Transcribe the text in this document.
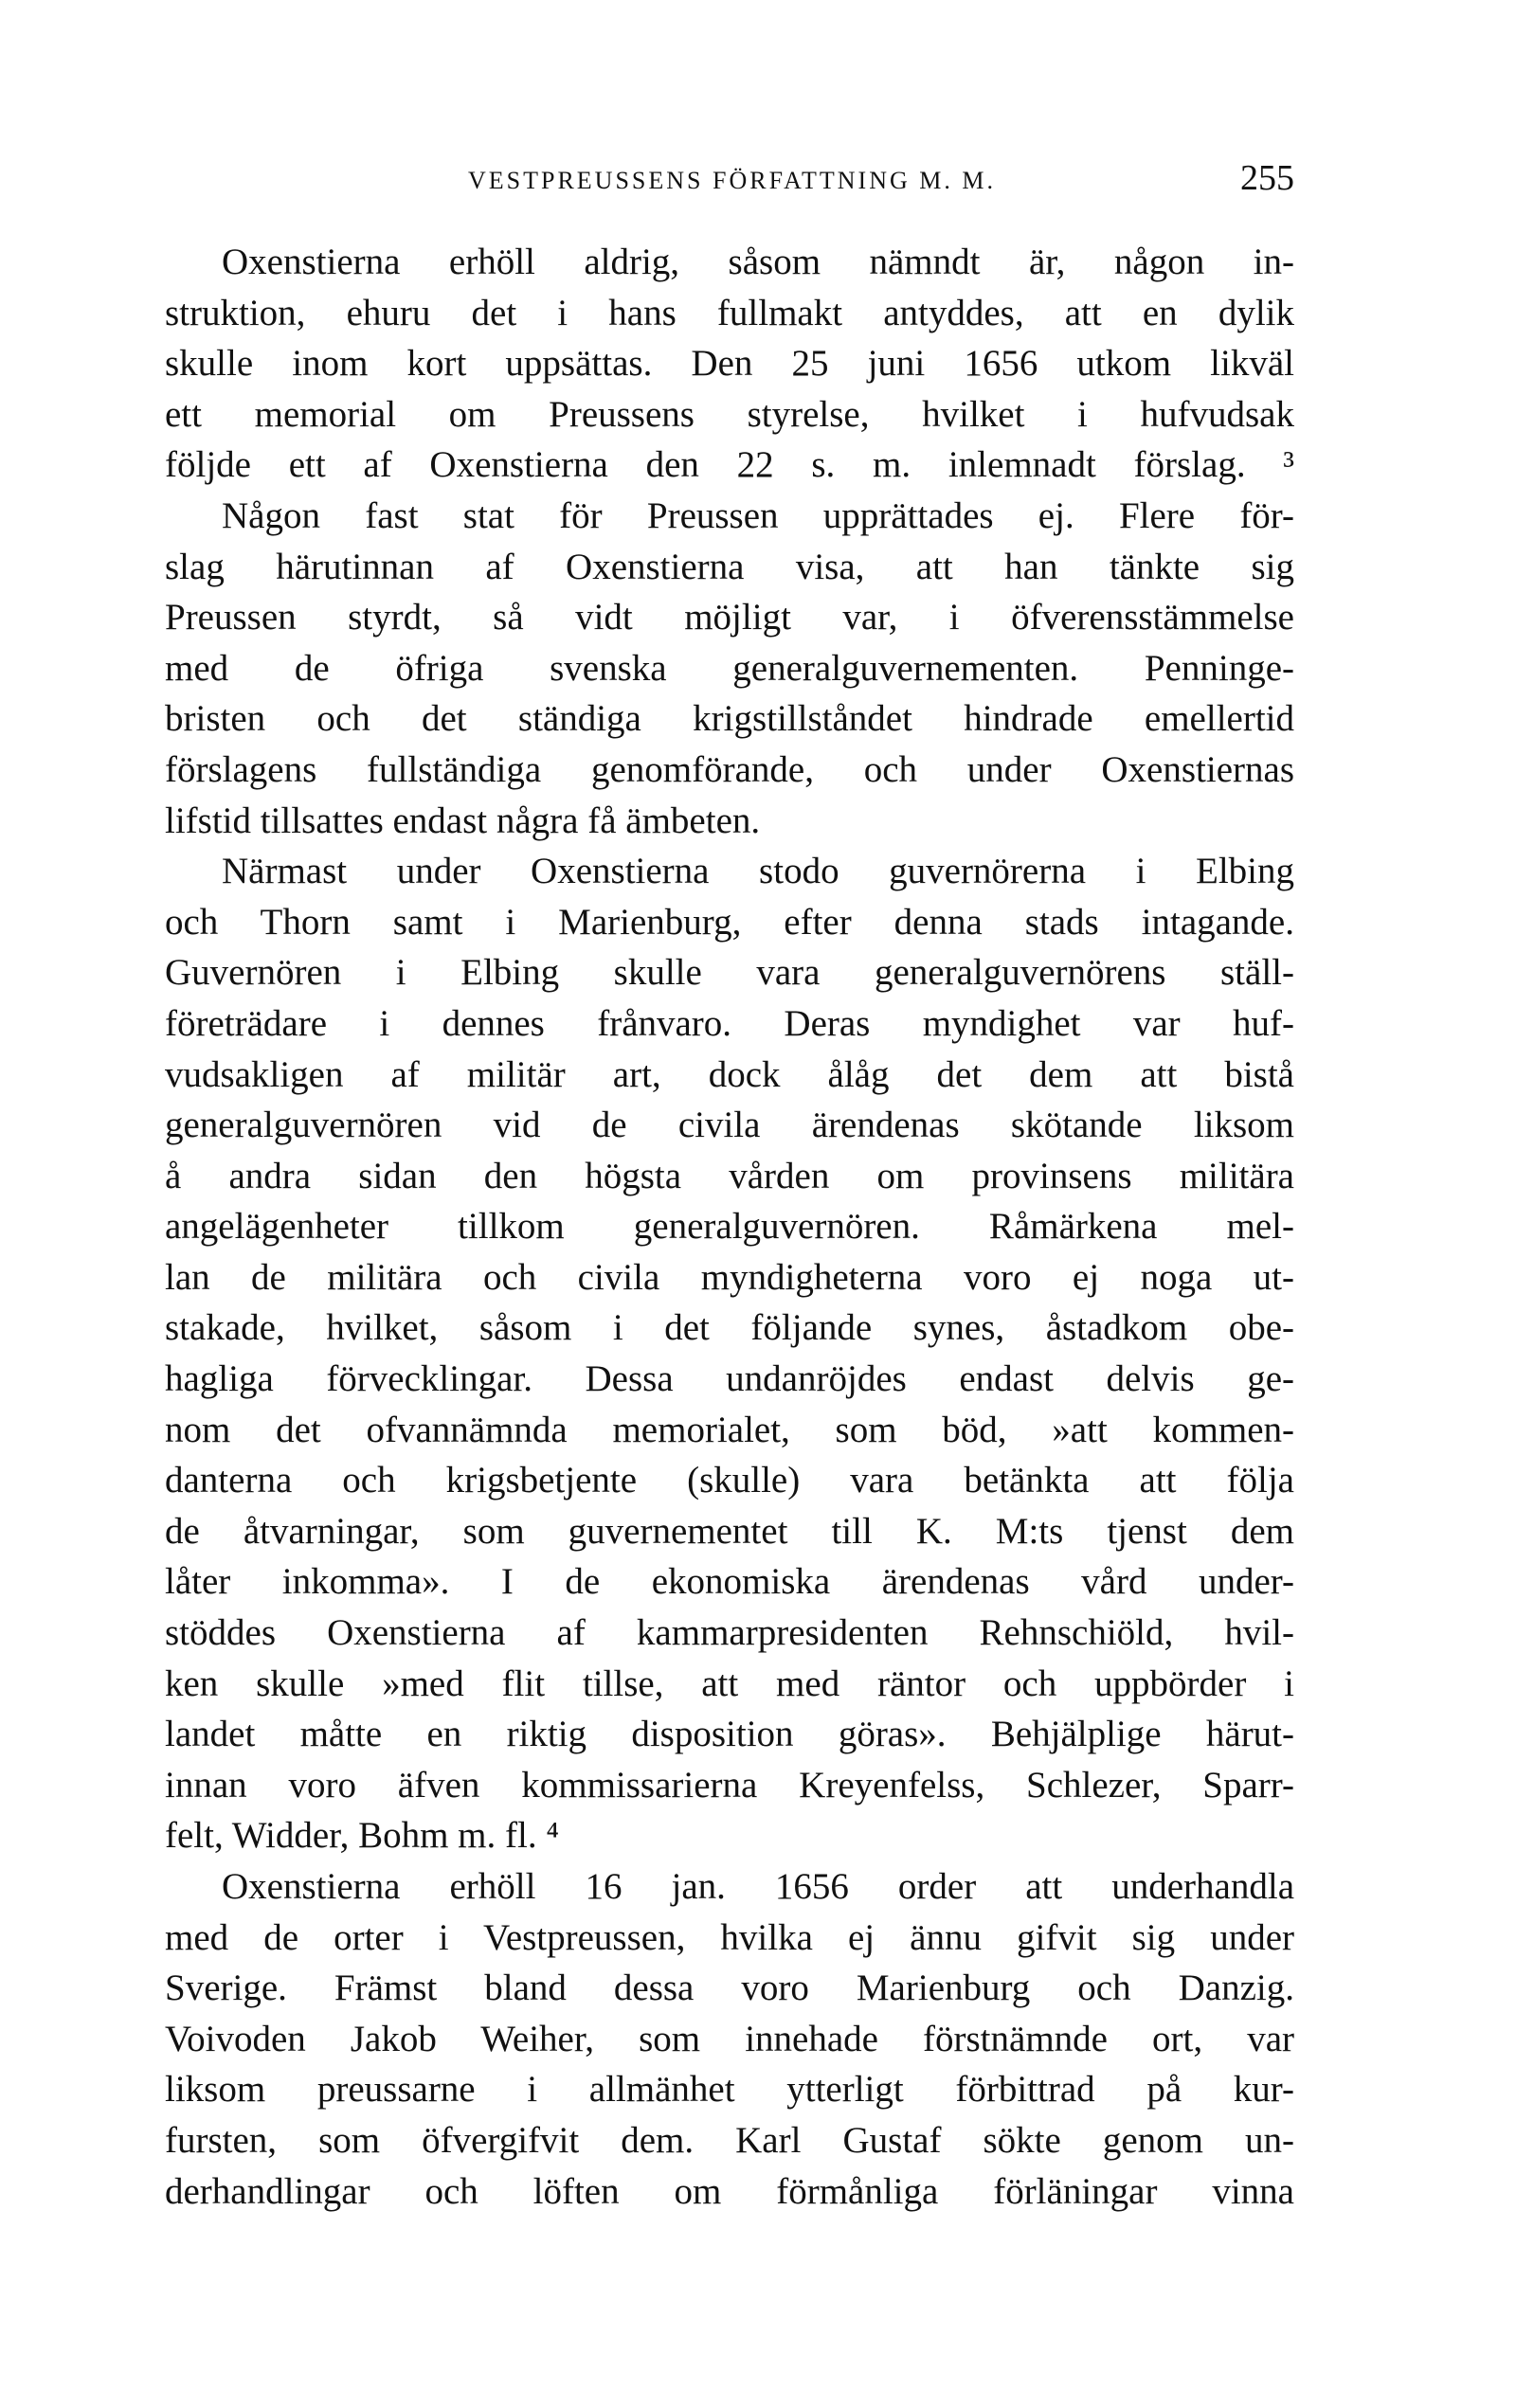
VESTPREUSSENS FÖRFATTNING M. M.	255
Oxenstierna erhöll aldrig, såsom nämndt är, någon in-
struktion, ehuru det i hans fullmakt antyddes, att en dylik
skulle inom kort uppsättas. Den 25 juni 1656 utkom likväl
ett memorial om Preussens styrelse, hvilket i hufvudsak
följde ett af Oxenstierna den 22 s. m. inlemnadt förslag. ³
Någon fast stat för Preussen upprättades ej. Flere för-
slag härutinnan af Oxenstierna visa, att han tänkte sig
Preussen styrdt, så vidt möjligt var, i öfverensstämmelse
med de öfriga svenska generalguvernementen. Penninge-
bristen och det ständiga krigstillståndet hindrade emellertid
förslagens fullständiga genomförande, och under Oxenstiernas
lifstid tillsattes endast några få ämbeten.
Närmast under Oxenstierna stodo guvernörerna i Elbing
och Thorn samt i Marienburg, efter denna stads intagande.
Guvernören i Elbing skulle vara generalguvernörens ställ-
företrädare i dennes frånvaro. Deras myndighet var huf-
vudsakligen af militär art, dock ålåg det dem att bistå
generalguvernören vid de civila ärendenas skötande liksom
å andra sidan den högsta vården om provinsens militära
angelägenheter tillkom generalguvernören. Råmärkena mel-
lan de militära och civila myndigheterna voro ej noga ut-
stakade, hvilket, såsom i det följande synes, åstadkom obe-
hagliga förvecklingar. Dessa undanröjdes endast delvis ge-
nom det ofvannämnda memorialet, som böd, »att kommen-
danterna och krigsbetjente (skulle) vara betänkta att följa
de åtvarningar, som guvernementet till K. M:ts tjenst dem
låter inkomma». I de ekonomiska ärendenas vård under-
stöddes Oxenstierna af kammarpresidenten Rehnschiöld, hvil-
ken skulle »med flit tillse, att med räntor och uppbörder i
landet måtte en riktig disposition göras». Behjälplige härut-
innan voro äfven kommissarierna Kreyenfelss, Schlezer, Sparr-
felt, Widder, Bohm m. fl. ⁴
Oxenstierna erhöll 16 jan. 1656 order att underhandla
med de orter i Vestpreussen, hvilka ej ännu gifvit sig under
Sverige. Främst bland dessa voro Marienburg och Danzig.
Voivoden Jakob Weiher, som innehade förstnämnde ort, var
liksom preussarne i allmänhet ytterligt förbittrad på kur-
fursten, som öfvergifvit dem. Karl Gustaf sökte genom un-
derhandlingar och löften om förmånliga förläningar vinna
